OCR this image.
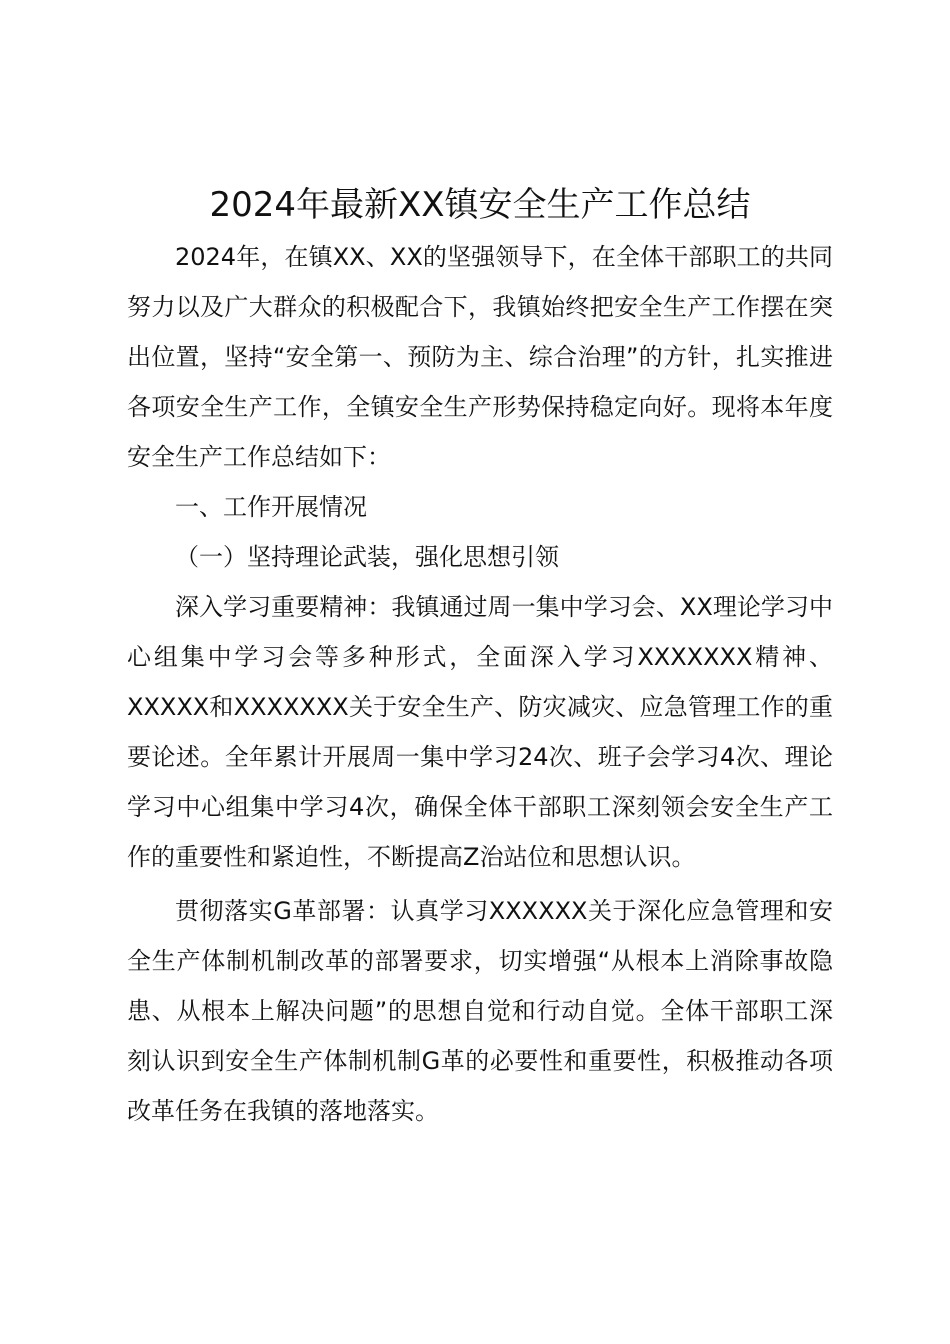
2024年最新XX镇安全生产工作总结

2024年，在镇XX、XX的坚强领导下，在全体干部职工的共同努力以及广大群众的积极配合下，我镇始终把安全生产工作摆在突出位置，坚持“安全第一、预防为主、综合治理”的方针，扎实推进各项安全生产工作，全镇安全生产形势保持稳定向好。现将本年度安全生产工作总结如下：

一、工作开展情况

（一）坚持理论武装，强化思想引领

深入学习重要精神：我镇通过周一集中学习会、XX理论学习中心组集中学习会等多种形式，全面深入学习XXXXXXX精神、XXXXX和XXXXXXX关于安全生产、防灾减灾、应急管理工作的重要论述。全年累计开展周一集中学习24次、班子会学习4次、理论学习中心组集中学习4次，确保全体干部职工深刻领会安全生产工作的重要性和紧迫性，不断提高Z治站位和思想认识。

贯彻落实G革部署：认真学习XXXXXX关于深化应急管理和安全生产体制机制改革的部署要求，切实增强“从根本上消除事故隐患、从根本上解决问题”的思想自觉和行动自觉。全体干部职工深刻认识到安全生产体制机制G革的必要性和重要性，积极推动各项改革任务在我镇的落地落实。
